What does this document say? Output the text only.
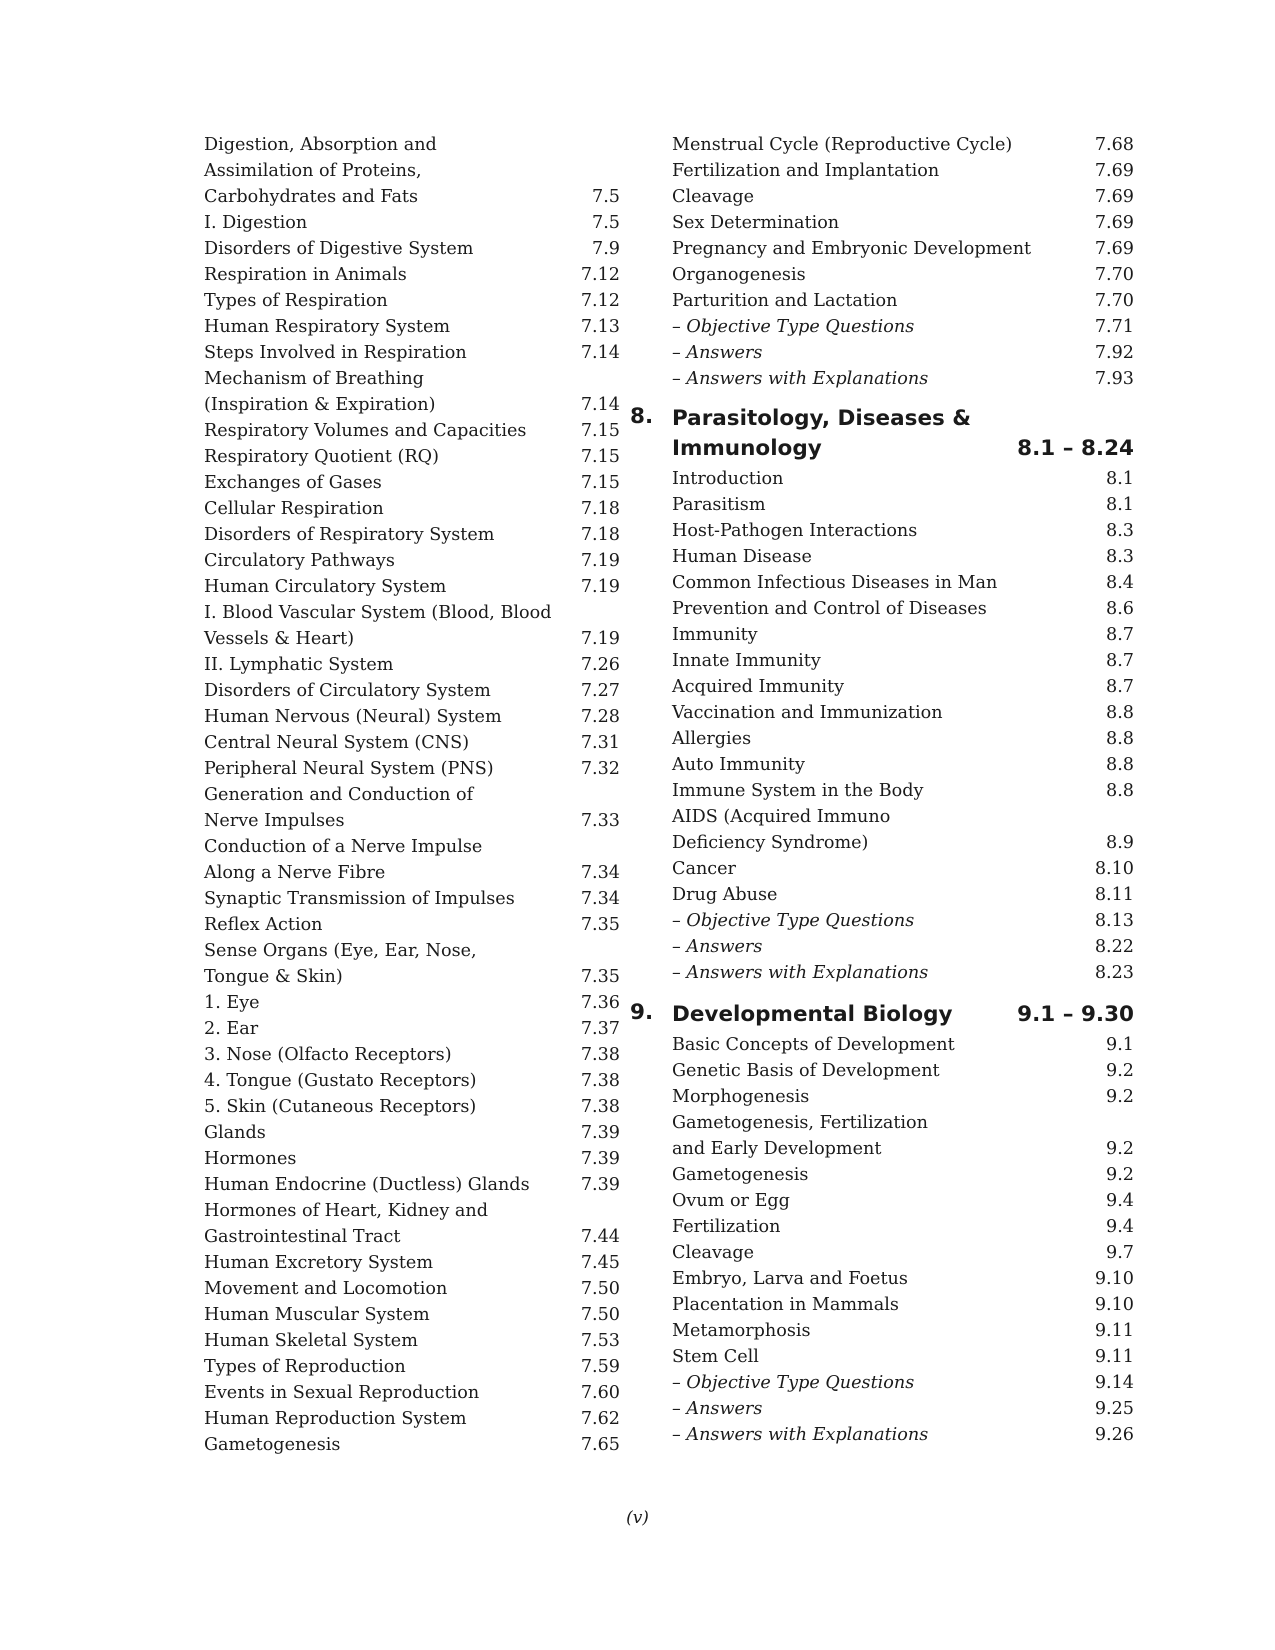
Digestion, Absorption and
Assimilation of Proteins,
Carbohydrates and Fats	7.5
I. Digestion	7.5
Disorders of Digestive System	7.9
Respiration in Animals	7.12
Types of Respiration	7.12
Human Respiratory System	7.13
Steps Involved in Respiration	7.14
Mechanism of Breathing
(Inspiration & Expiration)	7.14
Respiratory Volumes and Capacities	7.15
Respiratory Quotient (RQ)	7.15
Exchanges of Gases	7.15
Cellular Respiration	7.18
Disorders of Respiratory System	7.18
Circulatory Pathways	7.19
Human Circulatory System	7.19
I. Blood Vascular System (Blood, Blood
Vessels & Heart)	7.19
II. Lymphatic System	7.26
Disorders of Circulatory System	7.27
Human Nervous (Neural) System	7.28
Central Neural System (CNS)	7.31
Peripheral Neural System (PNS)	7.32
Generation and Conduction of
Nerve Impulses	7.33
Conduction of a Nerve Impulse
Along a Nerve Fibre	7.34
Synaptic Transmission of Impulses	7.34
Reflex Action	7.35
Sense Organs (Eye, Ear, Nose,
Tongue & Skin)	7.35
1. Eye	7.36
2. Ear	7.37
3. Nose (Olfacto Receptors)	7.38
4. Tongue (Gustato Receptors)	7.38
5. Skin (Cutaneous Receptors)	7.38
Glands	7.39
Hormones	7.39
Human Endocrine (Ductless) Glands	7.39
Hormones of Heart, Kidney and
Gastrointestinal Tract	7.44
Human Excretory System	7.45
Movement and Locomotion	7.50
Human Muscular System	7.50
Human Skeletal System	7.53
Types of Reproduction	7.59
Events in Sexual Reproduction	7.60
Human Reproduction System	7.62
Gametogenesis	7.65
Menstrual Cycle (Reproductive Cycle)	7.68
Fertilization and Implantation	7.69
Cleavage	7.69
Sex Determination	7.69
Pregnancy and Embryonic Development	7.69
Organogenesis	7.70
Parturition and Lactation	7.70
– Objective Type Questions	7.71
– Answers	7.92
– Answers with Explanations	7.93
8. Parasitology, Diseases &
Immunology	8.1 – 8.24
Introduction	8.1
Parasitism	8.1
Host-Pathogen Interactions	8.3
Human Disease	8.3
Common Infectious Diseases in Man	8.4
Prevention and Control of Diseases	8.6
Immunity	8.7
Innate Immunity	8.7
Acquired Immunity	8.7
Vaccination and Immunization	8.8
Allergies	8.8
Auto Immunity	8.8
Immune System in the Body	8.8
AIDS (Acquired Immuno
Deficiency Syndrome)	8.9
Cancer	8.10
Drug Abuse	8.11
– Objective Type Questions	8.13
– Answers	8.22
– Answers with Explanations	8.23
9. Developmental Biology	9.1 – 9.30
Basic Concepts of Development	9.1
Genetic Basis of Development	9.2
Morphogenesis	9.2
Gametogenesis, Fertilization
and Early Development	9.2
Gametogenesis	9.2
Ovum or Egg	9.4
Fertilization	9.4
Cleavage	9.7
Embryo, Larva and Foetus	9.10
Placentation in Mammals	9.10
Metamorphosis	9.11
Stem Cell	9.11
– Objective Type Questions	9.14
– Answers	9.25
– Answers with Explanations	9.26
(v)
